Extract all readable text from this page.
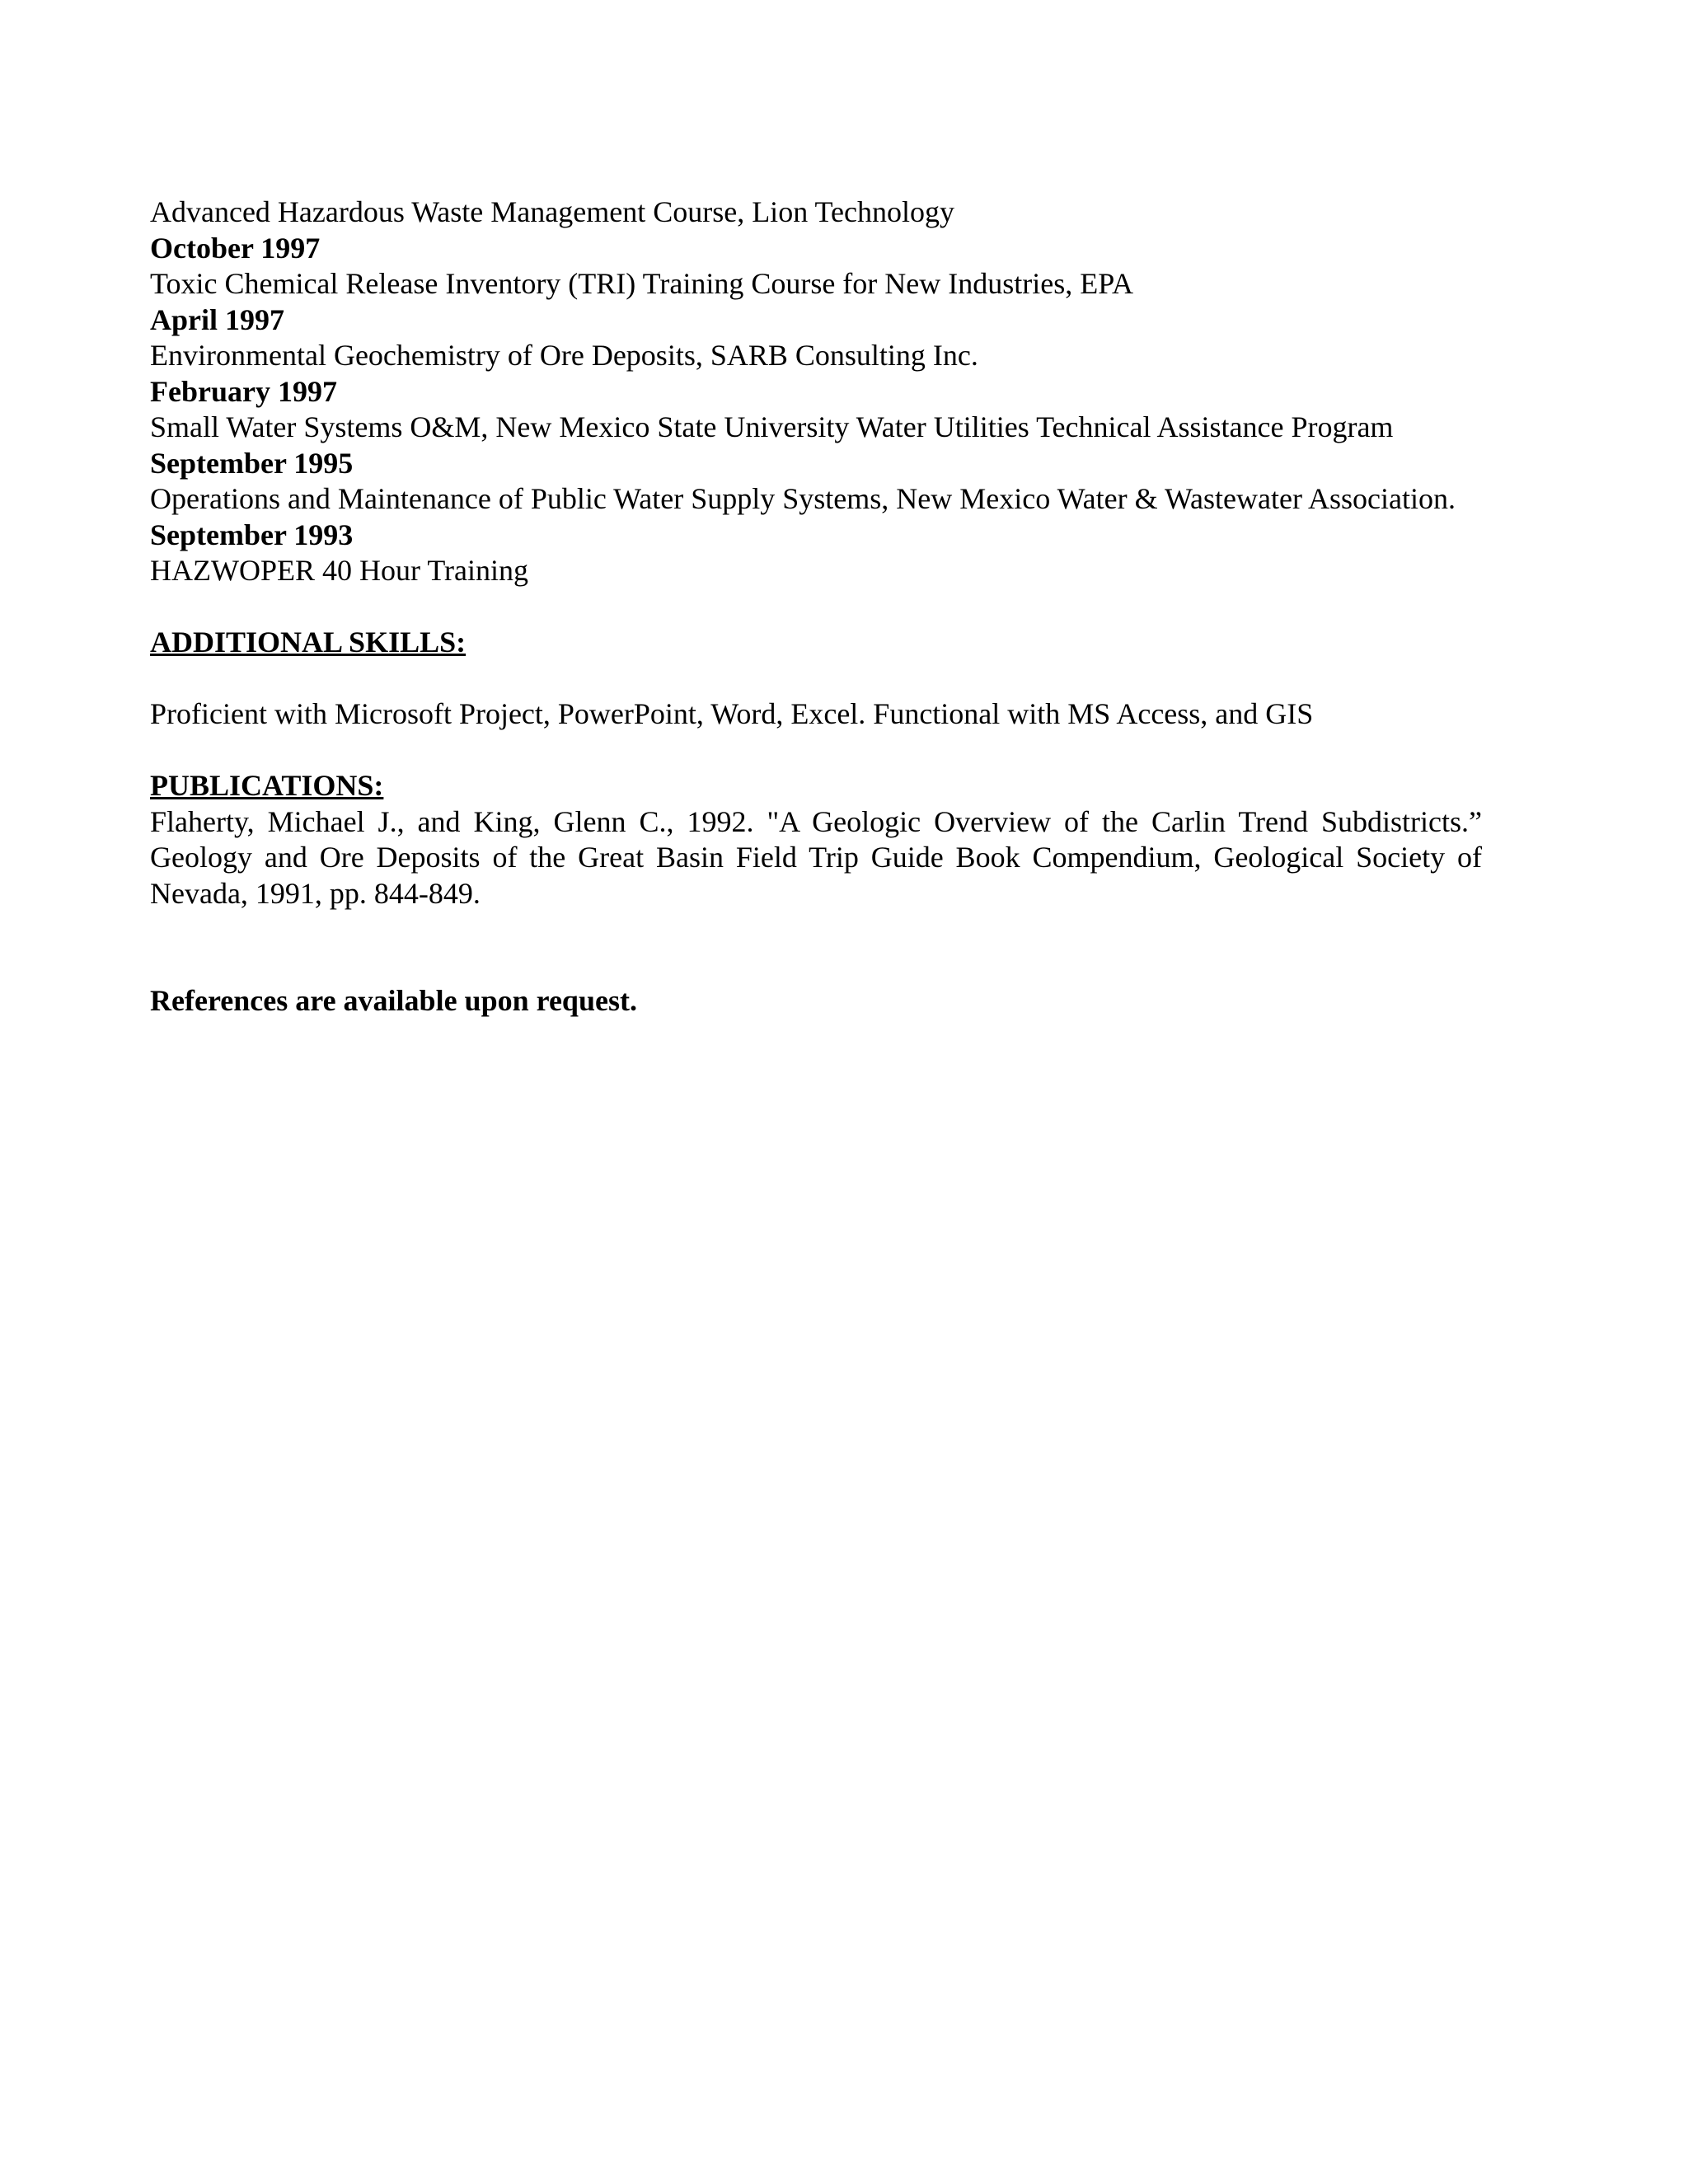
Advanced Hazardous Waste Management Course, Lion Technology
October 1997
Toxic Chemical Release Inventory (TRI) Training Course for New Industries, EPA
April 1997
Environmental Geochemistry of Ore Deposits, SARB Consulting Inc.
February 1997
Small Water Systems O&M, New Mexico State University Water Utilities Technical Assistance Program
September 1995
Operations and Maintenance of Public Water Supply Systems, New Mexico Water & Wastewater Association.
September 1993
HAZWOPER 40 Hour Training
ADDITIONAL SKILLS:
Proficient with Microsoft Project, PowerPoint, Word, Excel. Functional with MS Access, and GIS
PUBLICATIONS:
Flaherty, Michael J., and King, Glenn C., 1992. "A Geologic Overview of the Carlin Trend Subdistricts.” Geology and Ore Deposits of the Great Basin Field Trip Guide Book Compendium, Geological Society of Nevada, 1991, pp. 844-849.
References are available upon request.
